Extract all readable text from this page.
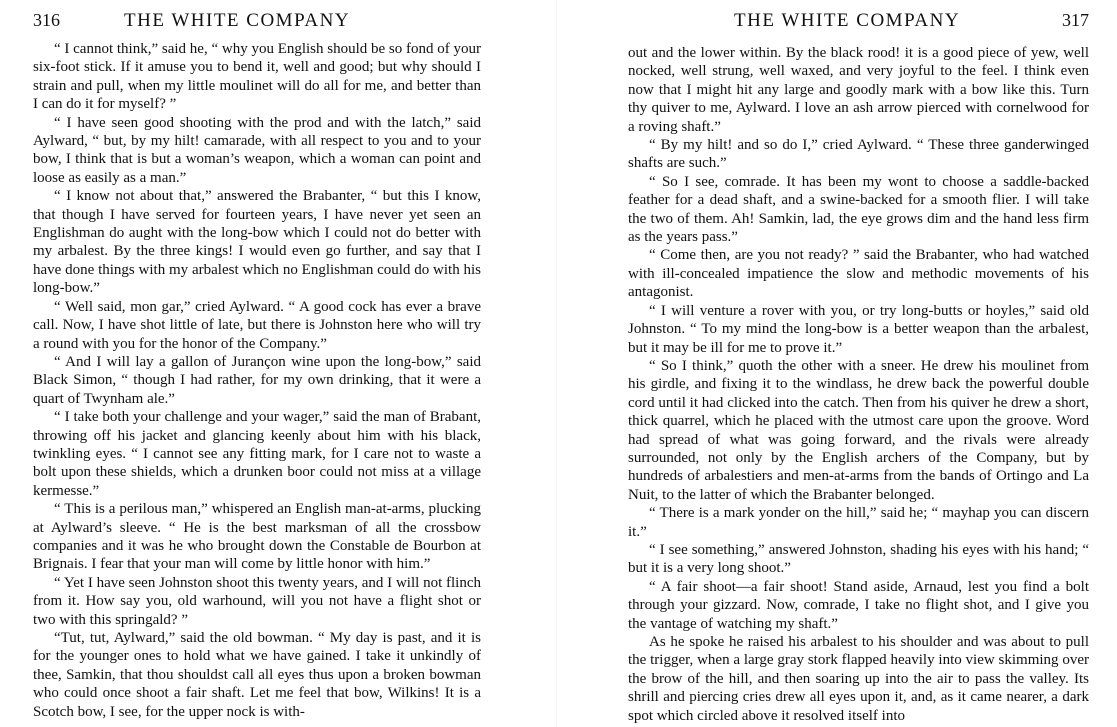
316	THE WHITE COMPANY

“ I cannot think,” said he, “ why you English should be so fond of your six-foot stick. If it amuse you to bend it, well and good; but why should I strain and pull, when my little moulinet will do all for me, and better than I can do it for myself? ”

“ I have seen good shooting with the prod and with the latch,” said Aylward, “ but, by my hilt! camarade, with all respect to you and to your bow, I think that is but a woman’s weapon, which a woman can point and loose as easily as a man.”

“ I know not about that,” answered the Brabanter, “ but this I know, that though I have served for fourteen years, I have never yet seen an Englishman do aught with the long-bow which I could not do better with my arbalest. By the three kings! I would even go further, and say that I have done things with my arbalest which no Englishman could do with his long-bow.”

“ Well said, mon gar,” cried Aylward. “ A good cock has ever a brave call. Now, I have shot little of late, but there is Johnston here who will try a round with you for the honor of the Company.”

“ And I will lay a gallon of Jurançon wine upon the long-bow,” said Black Simon, “ though I had rather, for my own drinking, that it were a quart of Twynham ale.”

“ I take both your challenge and your wager,” said the man of Brabant, throwing off his jacket and glancing keenly about him with his black, twinkling eyes. “ I cannot see any fitting mark, for I care not to waste a bolt upon these shields, which a drunken boor could not miss at a village kermesse.”

“ This is a perilous man,” whispered an English man-at-arms, plucking at Aylward’s sleeve. “ He is the best marksman of all the crossbow companies and it was he who brought down the Constable de Bourbon at Brignais. I fear that your man will come by little honor with him.”

“ Yet I have seen Johnston shoot this twenty years, and I will not flinch from it. How say you, old warhound, will you not have a flight shot or two with this springald? ”

“Tut, tut, Aylward,” said the old bowman. “ My day is past, and it is for the younger ones to hold what we have gained. I take it unkindly of thee, Samkin, that thou shouldst call all eyes thus upon a broken bowman who could once shoot a fair shaft. Let me feel that bow, Wilkins! It is a Scotch bow, I see, for the upper nock is with-

THE WHITE COMPANY	317

out and the lower within. By the black rood! it is a good piece of yew, well nocked, well strung, well waxed, and very joyful to the feel. I think even now that I might hit any large and goodly mark with a bow like this. Turn thy quiver to me, Aylward. I love an ash arrow pierced with cornelwood for a roving shaft.”

“ By my hilt! and so do I,” cried Aylward. “ These three ganderwinged shafts are such.”

“ So I see, comrade. It has been my wont to choose a saddle-backed feather for a dead shaft, and a swine-backed for a smooth flier. I will take the two of them. Ah! Samkin, lad, the eye grows dim and the hand less firm as the years pass.”

“ Come then, are you not ready? ” said the Brabanter, who had watched with ill-concealed impatience the slow and methodic movements of his antagonist.

“ I will venture a rover with you, or try long-butts or hoyles,” said old Johnston. “ To my mind the long-bow is a better weapon than the arbalest, but it may be ill for me to prove it.”

“ So I think,” quoth the other with a sneer. He drew his moulinet from his girdle, and fixing it to the windlass, he drew back the powerful double cord until it had clicked into the catch. Then from his quiver he drew a short, thick quarrel, which he placed with the utmost care upon the groove. Word had spread of what was going forward, and the rivals were already surrounded, not only by the English archers of the Company, but by hundreds of arbalestiers and men-at-arms from the bands of Ortingo and La Nuit, to the latter of which the Brabanter belonged.

“ There is a mark yonder on the hill,” said he; “ mayhap you can discern it.”

“ I see something,” answered Johnston, shading his eyes with his hand; “ but it is a very long shoot.”

“ A fair shoot—a fair shoot! Stand aside, Arnaud, lest you find a bolt through your gizzard. Now, comrade, I take no flight shot, and I give you the vantage of watching my shaft.”

As he spoke he raised his arbalest to his shoulder and was about to pull the trigger, when a large gray stork flapped heavily into view skimming over the brow of the hill, and then soaring up into the air to pass the valley. Its shrill and piercing cries drew all eyes upon it, and, as it came nearer, a dark spot which circled above it resolved itself into
